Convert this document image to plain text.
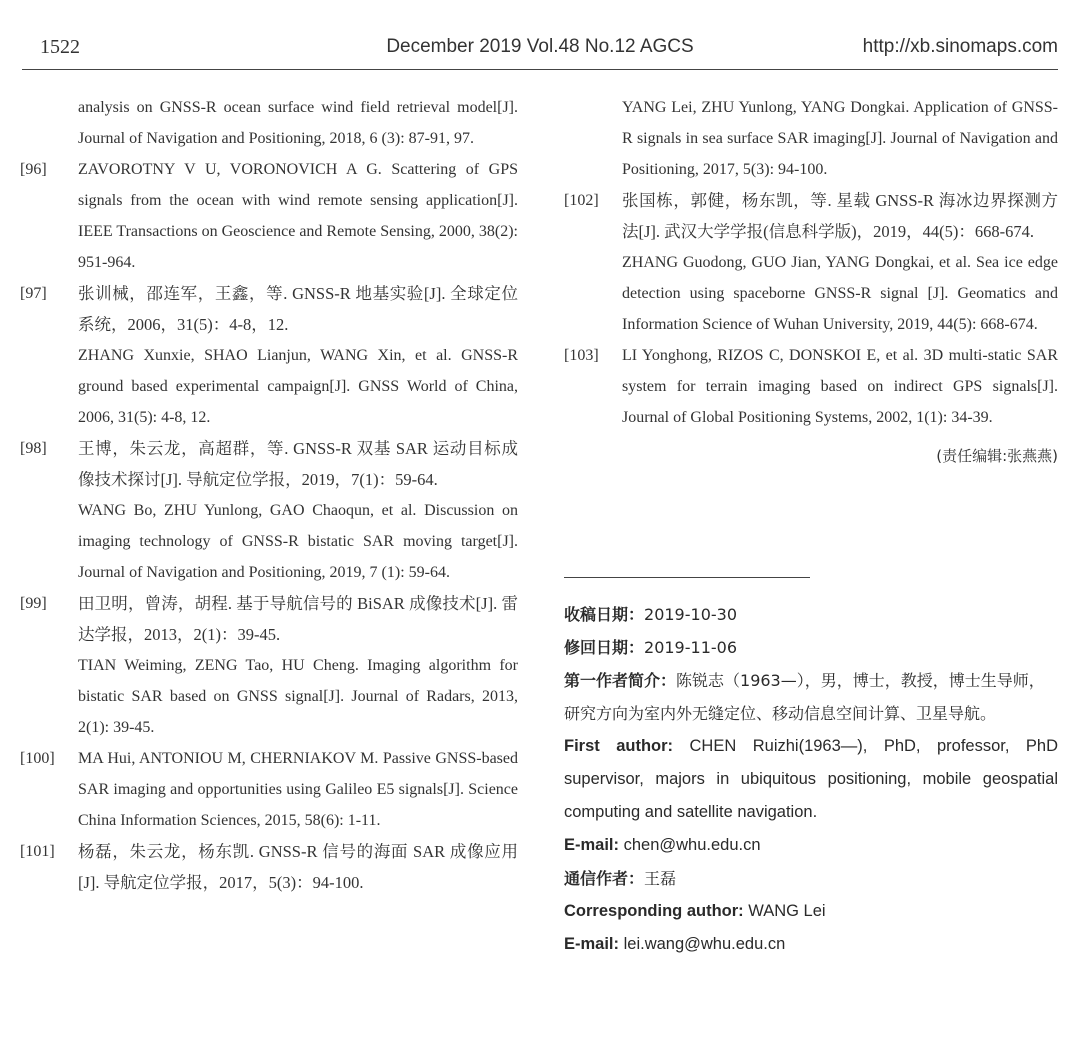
1522	December 2019 Vol.48 No.12 AGCS	http://xb.sinomaps.com
analysis on GNSS-R ocean surface wind field retrieval model[J]. Journal of Navigation and Positioning, 2018, 6 (3): 87-91, 97.
[96] ZAVOROTNY V U, VORONOVICH A G. Scattering of GPS signals from the ocean with wind remote sensing application[J]. IEEE Transactions on Geoscience and Remote Sensing, 2000, 38(2): 951-964.
[97] 张训械，邵连军，王鑫，等. GNSS-R 地基实验[J]. 全球定位系统，2006，31(5)：4-8，12.
ZHANG Xunxie, SHAO Lianjun, WANG Xin, et al. GNSS-R ground based experimental campaign[J]. GNSS World of China, 2006, 31(5): 4-8, 12.
[98] 王博，朱云龙，高超群，等. GNSS-R 双基 SAR 运动目标成像技术探讨[J]. 导航定位学报，2019，7(1)：59-64.
WANG Bo, ZHU Yunlong, GAO Chaoqun, et al. Discussion on imaging technology of GNSS-R bistatic SAR moving target[J]. Journal of Navigation and Positioning, 2019, 7 (1): 59-64.
[99] 田卫明，曾涛，胡程. 基于导航信号的 BiSAR 成像技术[J]. 雷达学报，2013，2(1)：39-45.
TIAN Weiming, ZENG Tao, HU Cheng. Imaging algorithm for bistatic SAR based on GNSS signal[J]. Journal of Radars, 2013, 2(1): 39-45.
[100] MA Hui, ANTONIOU M, CHERNIAKOV M. Passive GNSS-based SAR imaging and opportunities using Galileo E5 signals[J]. Science China Information Sciences, 2015, 58(6): 1-11.
[101] 杨磊，朱云龙，杨东凯. GNSS-R 信号的海面 SAR 成像应用[J]. 导航定位学报，2017，5(3)：94-100.
YANG Lei, ZHU Yunlong, YANG Dongkai. Application of GNSS-R signals in sea surface SAR imaging[J]. Journal of Navigation and Positioning, 2017, 5(3): 94-100.
[102] 张国栋，郭健，杨东凯，等. 星载 GNSS-R 海冰边界探测方法[J]. 武汉大学学报(信息科学版)，2019，44(5)：668-674.
ZHANG Guodong, GUO Jian, YANG Dongkai, et al. Sea ice edge detection using spaceborne GNSS-R signal [J]. Geomatics and Information Science of Wuhan University, 2019, 44(5): 668-674.
[103] LI Yonghong, RIZOS C, DONSKOI E, et al. 3D multi-static SAR system for terrain imaging based on indirect GPS signals[J]. Journal of Global Positioning Systems, 2002, 1(1): 34-39.
(责任编辑:张燕燕)
收稿日期：2019-10-30
修回日期：2019-11-06
第一作者简介：陈锐志（1963—），男，博士，教授，博士生导师，研究方向为室内外无缝定位、移动信息空间计算、卫星导航。
First author: CHEN Ruizhi(1963—), PhD, professor, PhD supervisor, majors in ubiquitous positioning, mobile geospatial computing and satellite navigation.
E-mail: chen@whu.edu.cn
通信作者：王磊
Corresponding author: WANG Lei
E-mail: lei.wang@whu.edu.cn
